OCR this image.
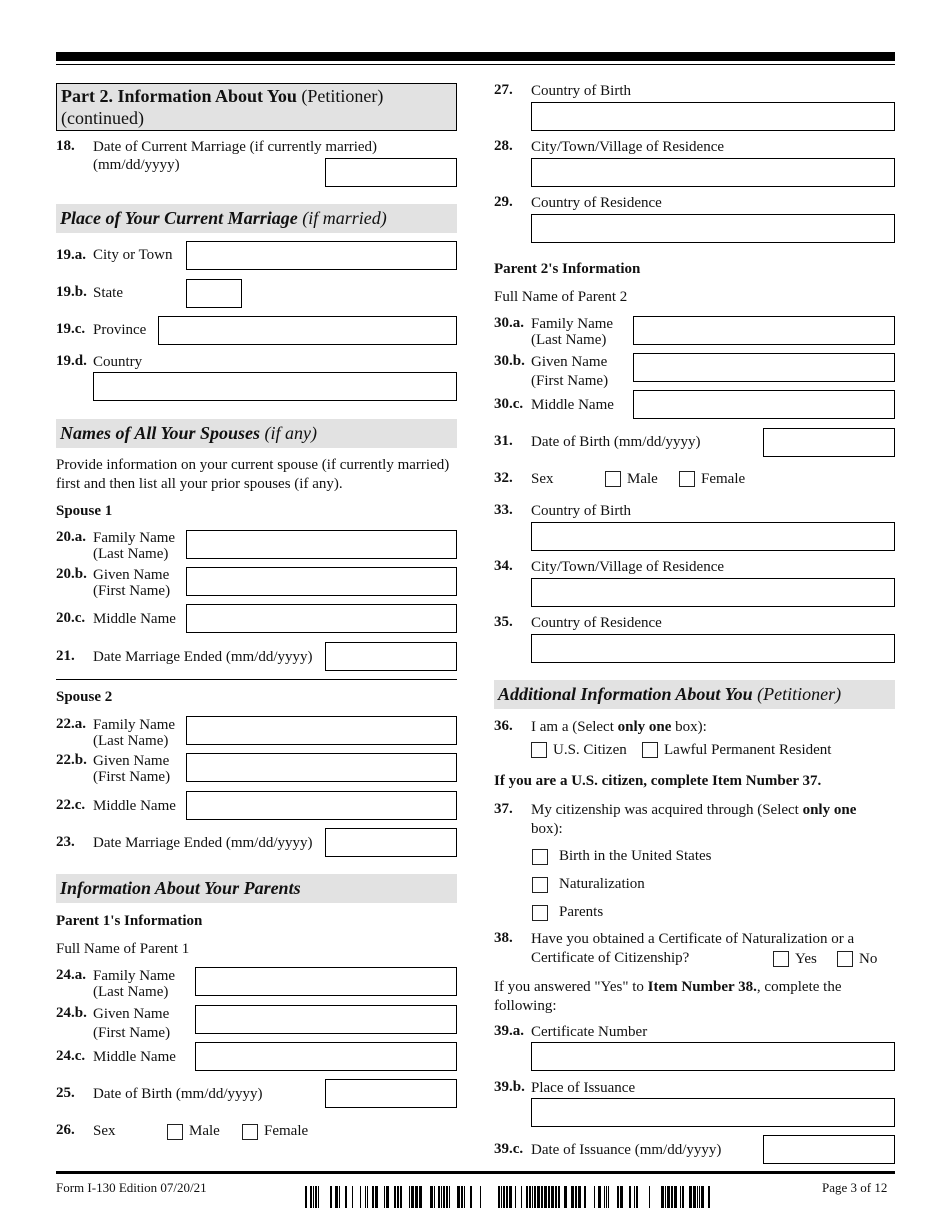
Part 2. Information About You (Petitioner)
(continued)
18. Date of Current Marriage (if currently married)
(mm/dd/yyyy)
Place of Your Current Marriage (if married)
19.a. City or Town
19.b. State
19.c. Province
19.d. Country
Names of All Your Spouses (if any)
Provide information on your current spouse (if currently married) first and then list all your prior spouses (if any).
Spouse 1
20.a. Family Name
(Last Name)
20.b. Given Name
(First Name)
20.c. Middle Name
21. Date Marriage Ended (mm/dd/yyyy)
Spouse 2
22.a. Family Name
(Last Name)
22.b. Given Name
(First Name)
22.c. Middle Name
23. Date Marriage Ended (mm/dd/yyyy)
Information About Your Parents
Parent 1's Information
Full Name of Parent 1
24.a. Family Name
(Last Name)
24.b. Given Name
(First Name)
24.c. Middle Name
25. Date of Birth (mm/dd/yyyy)
26. Sex	Male	Female
27. Country of Birth
28. City/Town/Village of Residence
29. Country of Residence
Parent 2's Information
Full Name of Parent 2
30.a. Family Name
(Last Name)
30.b. Given Name
(First Name)
30.c. Middle Name
31. Date of Birth (mm/dd/yyyy)
32. Sex	Male	Female
33. Country of Birth
34. City/Town/Village of Residence
35. Country of Residence
Additional Information About You (Petitioner)
36. I am a (Select only one box):
U.S. Citizen Lawful Permanent Resident
If you are a U.S. citizen, complete Item Number 37.
37. My citizenship was acquired through (Select only one
box):
Birth in the United States
Naturalization
Parents
38. Have you obtained a Certificate of Naturalization or a
Certificate of Citizenship?	Yes	No
If you answered "Yes" to Item Number 38., complete the
following:
39.a. Certificate Number
39.b. Place of Issuance
39.c. Date of Issuance (mm/dd/yyyy)
Form I-130 Edition 07/20/21	Page 3 of 12
